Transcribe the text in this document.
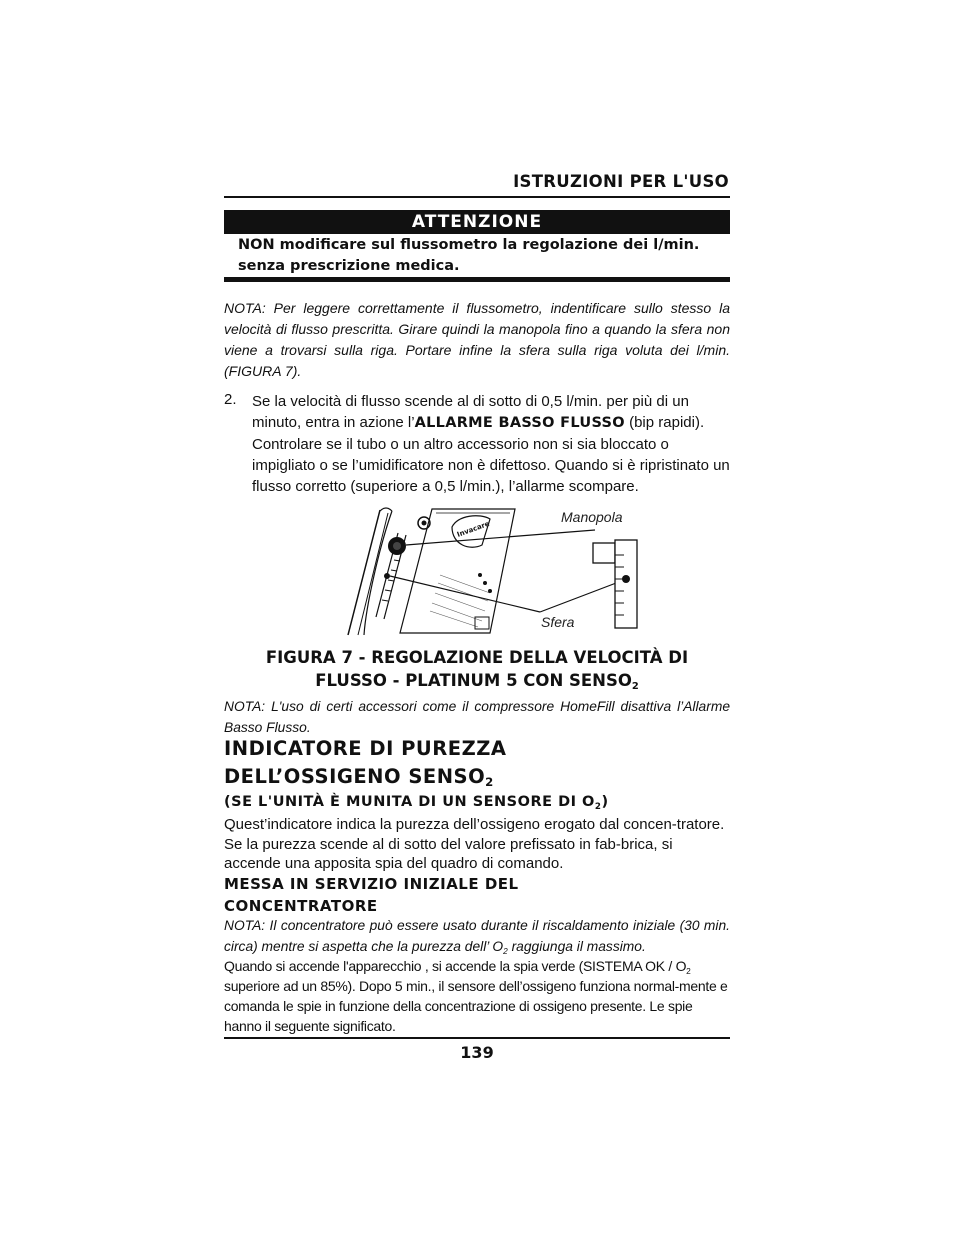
ISTRUZIONI PER L'USO
ATTENZIONE
NON modificare sul flussometro la regolazione dei l/min.
senza prescrizione medica.
NOTA: Per leggere correttamente il flussometro, indentificare sullo stesso la velocità di flusso prescritta. Girare quindi la manopola fino a quando la sfera non viene a trovarsi sulla riga. Portare infine la sfera sulla riga voluta dei l/min. (FIGURA 7).
2. Se la velocità di flusso scende al di sotto di 0,5 l/min. per più di un minuto, entra in azione l’ALLARME BASSO FLUSSO (bip rapidi). Controlare se il tubo o un altro accessorio non si sia bloccato o impigliato o se l’umidificatore non è difettoso. Quando si è ripristinato un flusso corretto (superiore a 0,5 l/min.), l’allarme scompare.
Invacare
Manopola
Sfera
FIGURA 7 - REGOLAZIONE DELLA VELOCITÀ DI
FLUSSO - PLATINUM 5 CON $SENSO_2$
NOTA: L'uso di certi accessori come il compressore HomeFill disattiva l’Allarme Basso Flusso.
INDICATORE DI PUREZZA
DELL’OSSIGENO $SENSO_2$
(SE L'UNITÀ È MUNITA DI UN SENSORE DI $O_2$)
Quest’indicatore indica la purezza dell’ossigeno erogato dal concen-tratore. Se la purezza scende al di sotto del valore prefissato in fab-brica, si accende una apposita spia del quadro di comando.
MESSA IN SERVIZIO INIZIALE DEL
CONCENTRATORE
NOTA: Il concentratore può essere usato durante il riscaldamento iniziale (30 min. circa) mentre si aspetta che la purezza dell’ $O_2$ raggiunga il massimo.
Quando si accende l'apparecchio , si accende la spia verde (SISTEMA OK / $O_2$ superiore ad un 85%). Dopo 5 min., il sensore dell’ossigeno funziona normal-mente e comanda le spie in funzione della concentrazione di ossigeno presente. Le spie hanno il seguente significato.
139
